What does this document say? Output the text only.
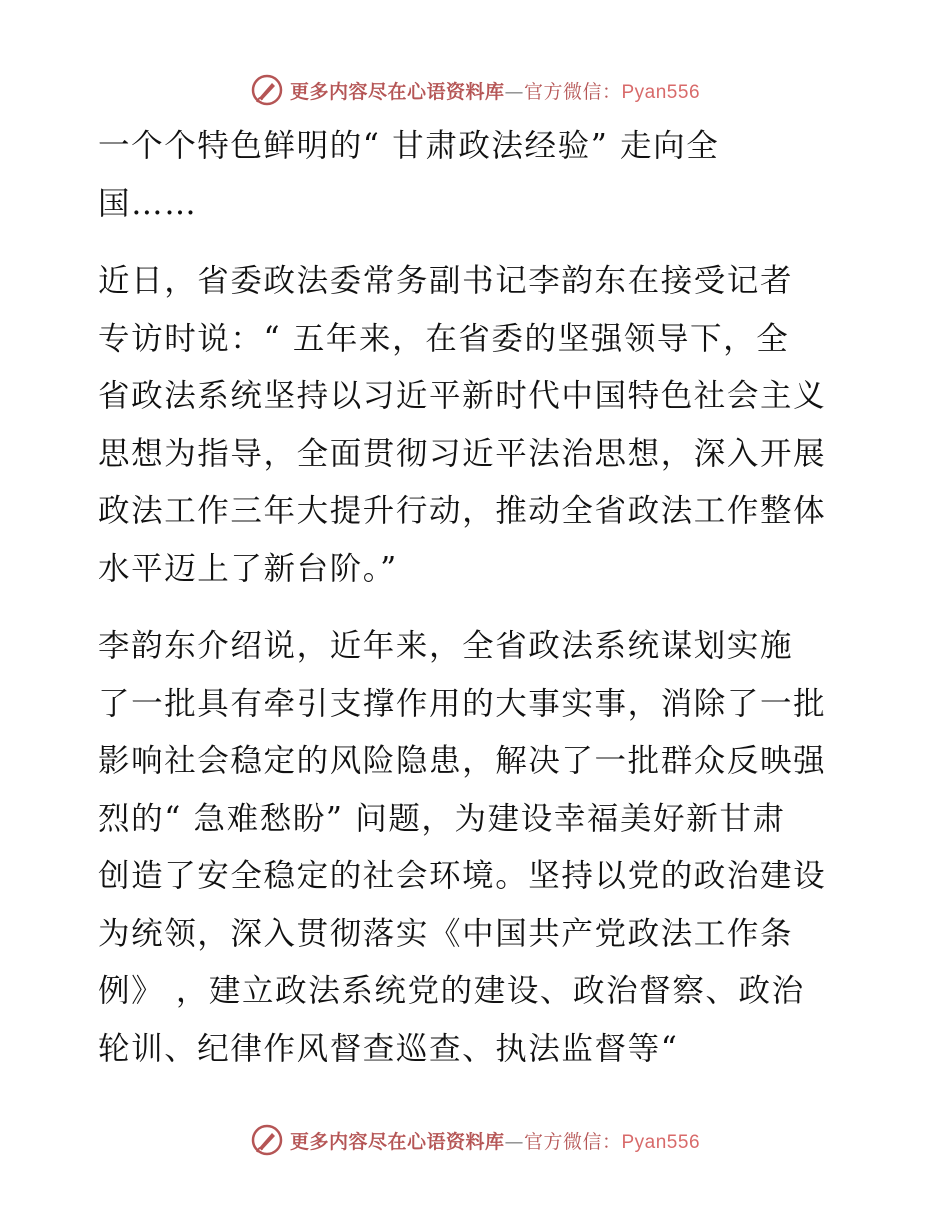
更多内容尽在心语资料库—官方微信：Pyan556
一个个特色鲜明的“ 甘肃政法经验” 走向全
国……
近日，省委政法委常务副书记李韵东在接受记者
专访时说：“ 五年来，在省委的坚强领导下，全
省政法系统坚持以习近平新时代中国特色社会主义
思想为指导，全面贯彻习近平法治思想，深入开展
政法工作三年大提升行动，推动全省政法工作整体
水平迈上了新台阶。”
李韵东介绍说，近年来，全省政法系统谋划实施
了一批具有牵引支撑作用的大事实事，消除了一批
影响社会稳定的风险隐患，解决了一批群众反映强
烈的“ 急难愁盼” 问题，为建设幸福美好新甘肃
创造了安全稳定的社会环境。坚持以党的政治建设
为统领，深入贯彻落实《中国共产党政法工作条
例》 ，建立政法系统党的建设、政治督察、政治
轮训、纪律作风督查巡查、执法监督等“
更多内容尽在心语资料库—官方微信：Pyan556
